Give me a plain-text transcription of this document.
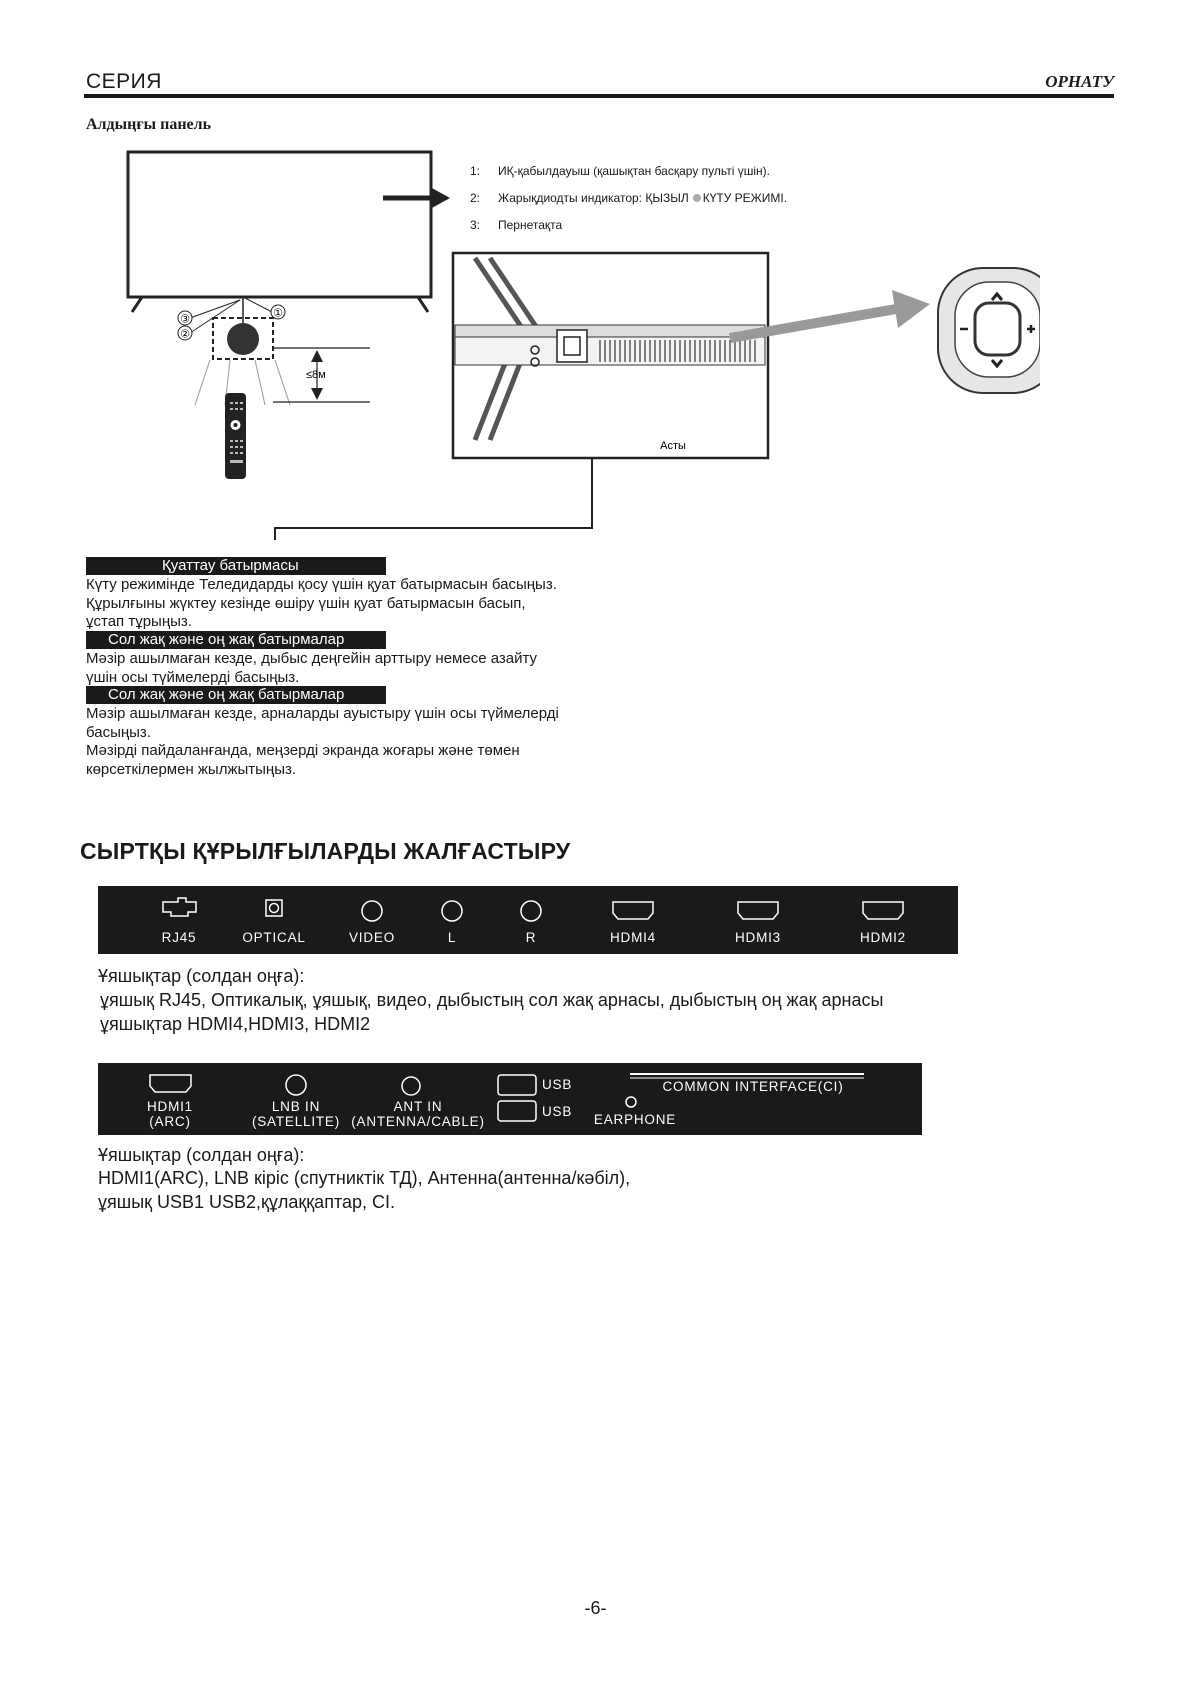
СЕРИЯ	ОРНАТУ
Алдыңғы панель
①
②
③
≤8м
Асты
1: ИҚ-қабылдауыш (қашықтан басқару пульті үшін).
2: Жарықдиодты индикатор: ҚЫЗЫЛ КҮТУ РЕЖИМІ.
3: Пернетақта
Қуаттау батырмасы
Күту режимінде Теледидарды қосу үшін қуат батырмасын басыңыз.
Құрылғыны жүктеу кезінде өшіру үшін қуат батырмасын басып,
ұстап тұрыңыз.
Сол жақ және оң жақ батырмалар
Мәзір ашылмаған кезде, дыбыс деңгейін арттыру немесе азайту
үшін осы түймелерді басыңыз.
Сол жақ және оң жақ батырмалар
Мәзір ашылмаған кезде, арналарды ауыстыру үшін осы түймелерді
басыңыз.
Мәзірді пайдаланғанда, меңзерді экранда жоғары және төмен
көрсеткілермен жылжытыңыз.
СЫРТҚЫ ҚҰРЫЛҒЫЛАРДЫ ЖАЛҒАСТЫРУ
RJ45	OPTICAL	VIDEO	L	R	HDMI4	HDMI3	HDMI2
Ұяшықтар (солдан оңға):
ұяшық RJ45, Оптикалық, ұяшық, видео, дыбыстың сол жақ арнасы, дыбыстың оң жақ арнасы
ұяшықтар HDMI4,HDMI3, HDMI2
HDMI1
(ARC)
LNB IN
(SATELLITE)
ANT IN
(ANTENNA/CABLE)
USB
USB
COMMON INTERFACE(CI)
EARPHONE
Ұяшықтар (солдан оңға):
HDMI1(ARC), LNB кіріс (спутниктік ТД), Антенна(антенна/кәбіл),
ұяшық USB1 USB2,құлаққаптар, CI.
-6-
